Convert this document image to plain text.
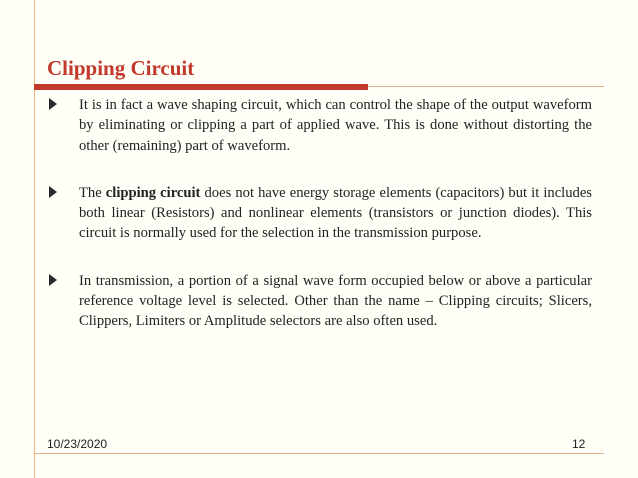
Clipping Circuit
It is in fact a wave shaping circuit, which can control the shape of the output waveform by eliminating or clipping a part of applied wave. This is done without distorting the other (remaining) part of waveform.
The clipping circuit does not have energy storage elements (capacitors) but it includes both linear (Resistors) and nonlinear elements (transistors or junction diodes). This circuit is normally used for the selection in the transmission purpose.
In transmission, a portion of a signal wave form occupied below or above a particular reference voltage level is selected. Other than the name – Clipping circuits; Slicers, Clippers, Limiters or Amplitude selectors are also often used.
10/23/2020	12
